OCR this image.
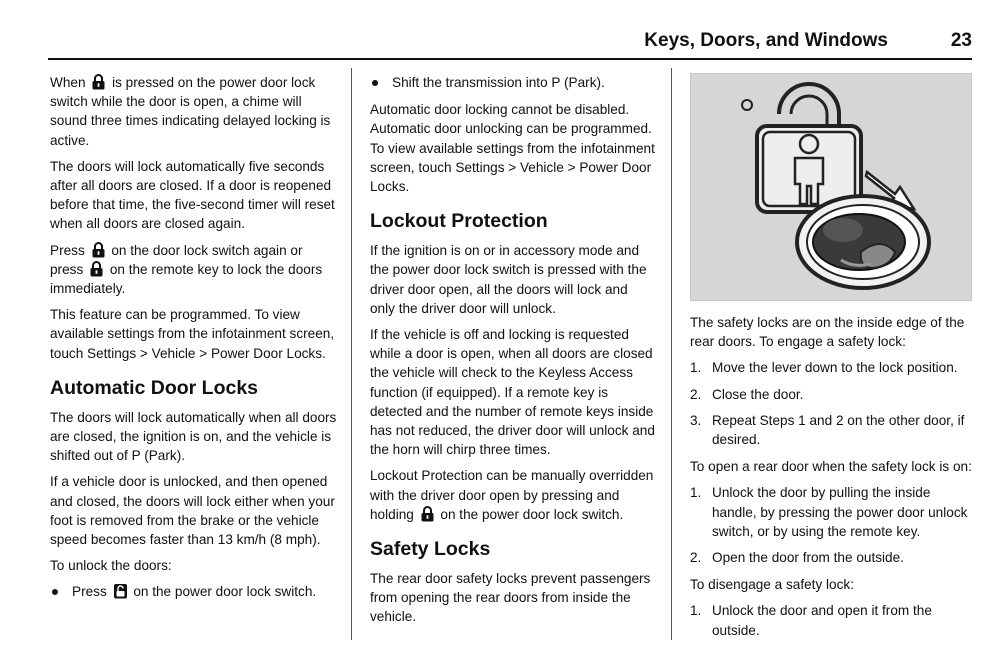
Keys, Doors, and Windows	23

When is pressed on the power door lock switch while the door is open, a chime will sound three times indicating delayed locking is active.

The doors will lock automatically five seconds after all doors are closed. If a door is reopened before that time, the five-second timer will reset when all doors are closed again.

Press on the door lock switch again or press on the remote key to lock the doors immediately.

This feature can be programmed. To view available settings from the infotainment screen, touch Settings > Vehicle > Power Door Locks.

Automatic Door Locks

The doors will lock automatically when all doors are closed, the ignition is on, and the vehicle is shifted out of P (Park).

If a vehicle door is unlocked, and then opened and closed, the doors will lock either when your foot is removed from the brake or the vehicle speed becomes faster than 13 km/h (8 mph).

To unlock the doors:

Press on the power door lock switch.
Shift the transmission into P (Park).

Automatic door locking cannot be disabled. Automatic door unlocking can be programmed. To view available settings from the infotainment screen, touch Settings > Vehicle > Power Door Locks.

Lockout Protection

If the ignition is on or in accessory mode and the power door lock switch is pressed with the driver door open, all the doors will lock and only the driver door will unlock.

If the vehicle is off and locking is requested while a door is open, when all doors are closed the vehicle will check to the Keyless Access function (if equipped). If a remote key is detected and the number of remote keys inside has not reduced, the driver door will unlock and the horn will chirp three times.

Lockout Protection can be manually overridden with the driver door open by pressing and holding on the power door lock switch.

Safety Locks

The rear door safety locks prevent passengers from opening the rear doors from inside the vehicle.

The safety locks are on the inside edge of the rear doors. To engage a safety lock:

1. Move the lever down to the lock position.
2. Close the door.
3. Repeat Steps 1 and 2 on the other door, if desired.

To open a rear door when the safety lock is on:

1. Unlock the door by pulling the inside handle, by pressing the power door unlock switch, or by using the remote key.
2. Open the door from the outside.

To disengage a safety lock:

1. Unlock the door and open it from the outside.
